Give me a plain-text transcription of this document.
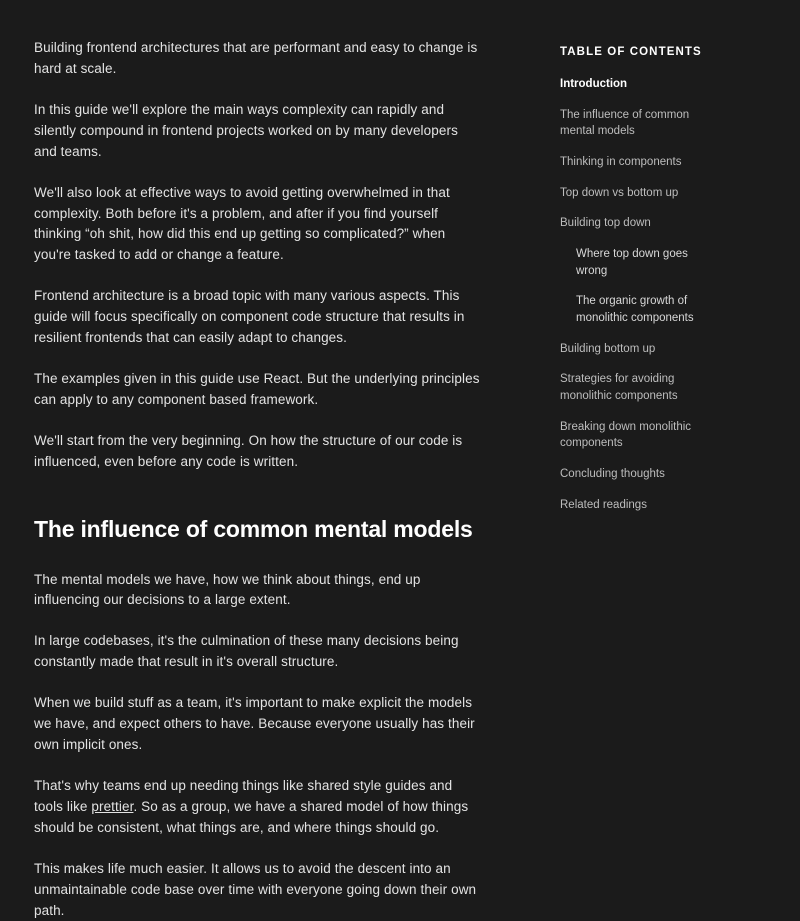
Building frontend architectures that are performant and easy to change is hard at scale.

In this guide we'll explore the main ways complexity can rapidly and silently compound in frontend projects worked on by many developers and teams.

We'll also look at effective ways to avoid getting overwhelmed in that complexity. Both before it's a problem, and after if you find yourself thinking “oh shit, how did this end up getting so complicated?” when you're tasked to add or change a feature.

Frontend architecture is a broad topic with many various aspects. This guide will focus specifically on component code structure that results in resilient frontends that can easily adapt to changes.

The examples given in this guide use React. But the underlying principles can apply to any component based framework.

We'll start from the very beginning. On how the structure of our code is influenced, even before any code is written.

The influence of common mental models

The mental models we have, how we think about things, end up influencing our decisions to a large extent.

In large codebases, it's the culmination of these many decisions being constantly made that result in it's overall structure.

When we build stuff as a team, it's important to make explicit the models we have, and expect others to have. Because everyone usually has their own implicit ones.

That's why teams end up needing things like shared style guides and tools like prettier. So as a group, we have a shared model of how things should be consistent, what things are, and where things should go.

This makes life much easier. It allows us to avoid the descent into an unmaintainable code base over time with everyone going down their own path.

TABLE OF CONTENTS
Introduction
The influence of common mental models
Thinking in components
Top down vs bottom up
Building top down
Where top down goes wrong
The organic growth of monolithic components
Building bottom up
Strategies for avoiding monolithic components
Breaking down monolithic components
Concluding thoughts
Related readings
